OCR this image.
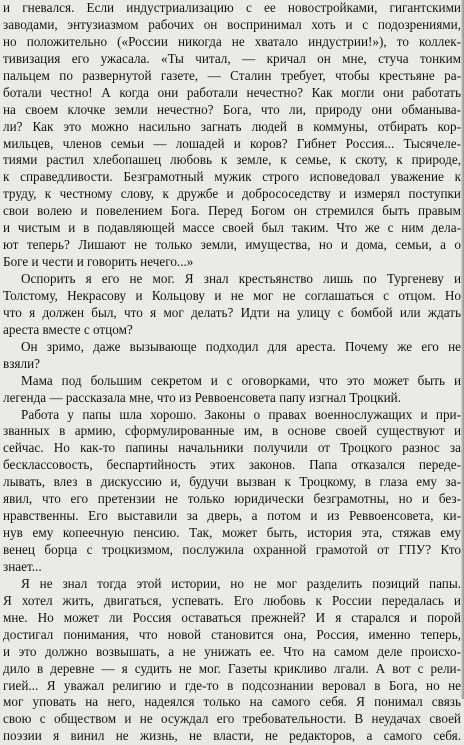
и гневался. Если индустриализацию с ее новостройками, гигантскими
заводами, энтузиазмом рабочих он воспринимал хоть и с подозрениями,
но положительно («России никогда не хватало индустрии!»), то коллек-
тивизация его ужасала. «Ты читал, — кричал он мне, стуча тонким
пальцем по развернутой газете, — Сталин требует, чтобы крестьяне ра-
ботали честно! А когда они работали нечестно? Как могли они работать
на своем клочке земли нечестно? Бога, что ли, природу они обманыва-
ли? Как это можно насильно загнать людей в коммуны, отбирать кор-
мильцев, членов семьи — лошадей и коров? Гибнет Россия... Тысячеле-
тиями растил хлебопашец любовь к земле, к семье, к скоту, к природе,
к справедливости. Безграмотный мужик строго исповедовал уважение к
труду, к честному слову, к дружбе и добрососедству и измерял поступки
свои волею и повелением Бога. Перед Богом он стремился быть правым
и чистым и в подавляющей массе своей был таким. Что же с ним дела-
ют теперь? Лишают не только земли, имущества, но и дома, семьи, а о
Боге и чести и говорить нечего...»
Оспорить я его не мог. Я знал крестьянство лишь по Тургеневу и
Толстому, Некрасову и Кольцову и не мог не соглашаться с отцом. Но
что я должен был, что я мог делать? Идти на улицу с бомбой или ждать
ареста вместе с отцом?
Он зримо, даже вызывающе подходил для ареста. Почему же его не
взяли?
Мама под большим секретом и с оговорками, что это может быть и
легенда — рассказала мне, что из Реввоенсовета папу изгнал Троцкий.
Работа у папы шла хорошо. Законы о правах военнослужащих и при-
званных в армию, сформулированные им, в основе своей существуют и
сейчас. Но как-то папины начальники получили от Троцкого разнос за
бесклассовость, беспартийность этих законов. Папа отказался переде-
лывать, влез в дискуссию и, будучи вызван к Троцкому, в глаза ему за-
явил, что его претензии не только юридически безграмотны, но и без-
нравственны. Его выставили за дверь, а потом и из Реввоенсовета, ки-
нув ему копеечную пенсию. Так, может быть, история эта, стяжав ему
венец борца с троцкизмом, послужила охранной грамотой от ГПУ? Кто
знает...
Я не знал тогда этой истории, но не мог разделить позиций папы.
Я хотел жить, двигаться, успевать. Его любовь к России передалась и
мне. Но может ли Россия оставаться прежней? И я старался и порой
достигал понимания, что новой становится она, Россия, именно теперь,
и это должно возвышать, а не унижать ее. Что на самом деле происхо-
дило в деревне — я судить не мог. Газеты крикливо лгали. А вот с рели-
гией... Я уважал религию и где-то в подсознании верoвал в Бога, но не
мог уповать на него, надеялся только на самого себя. Я понимал связь
свою с обществом и не осуждал его требовательности. В неудачах своей
поэзии я винил не жизнь, не власти, не редакторов, а самого себя.
